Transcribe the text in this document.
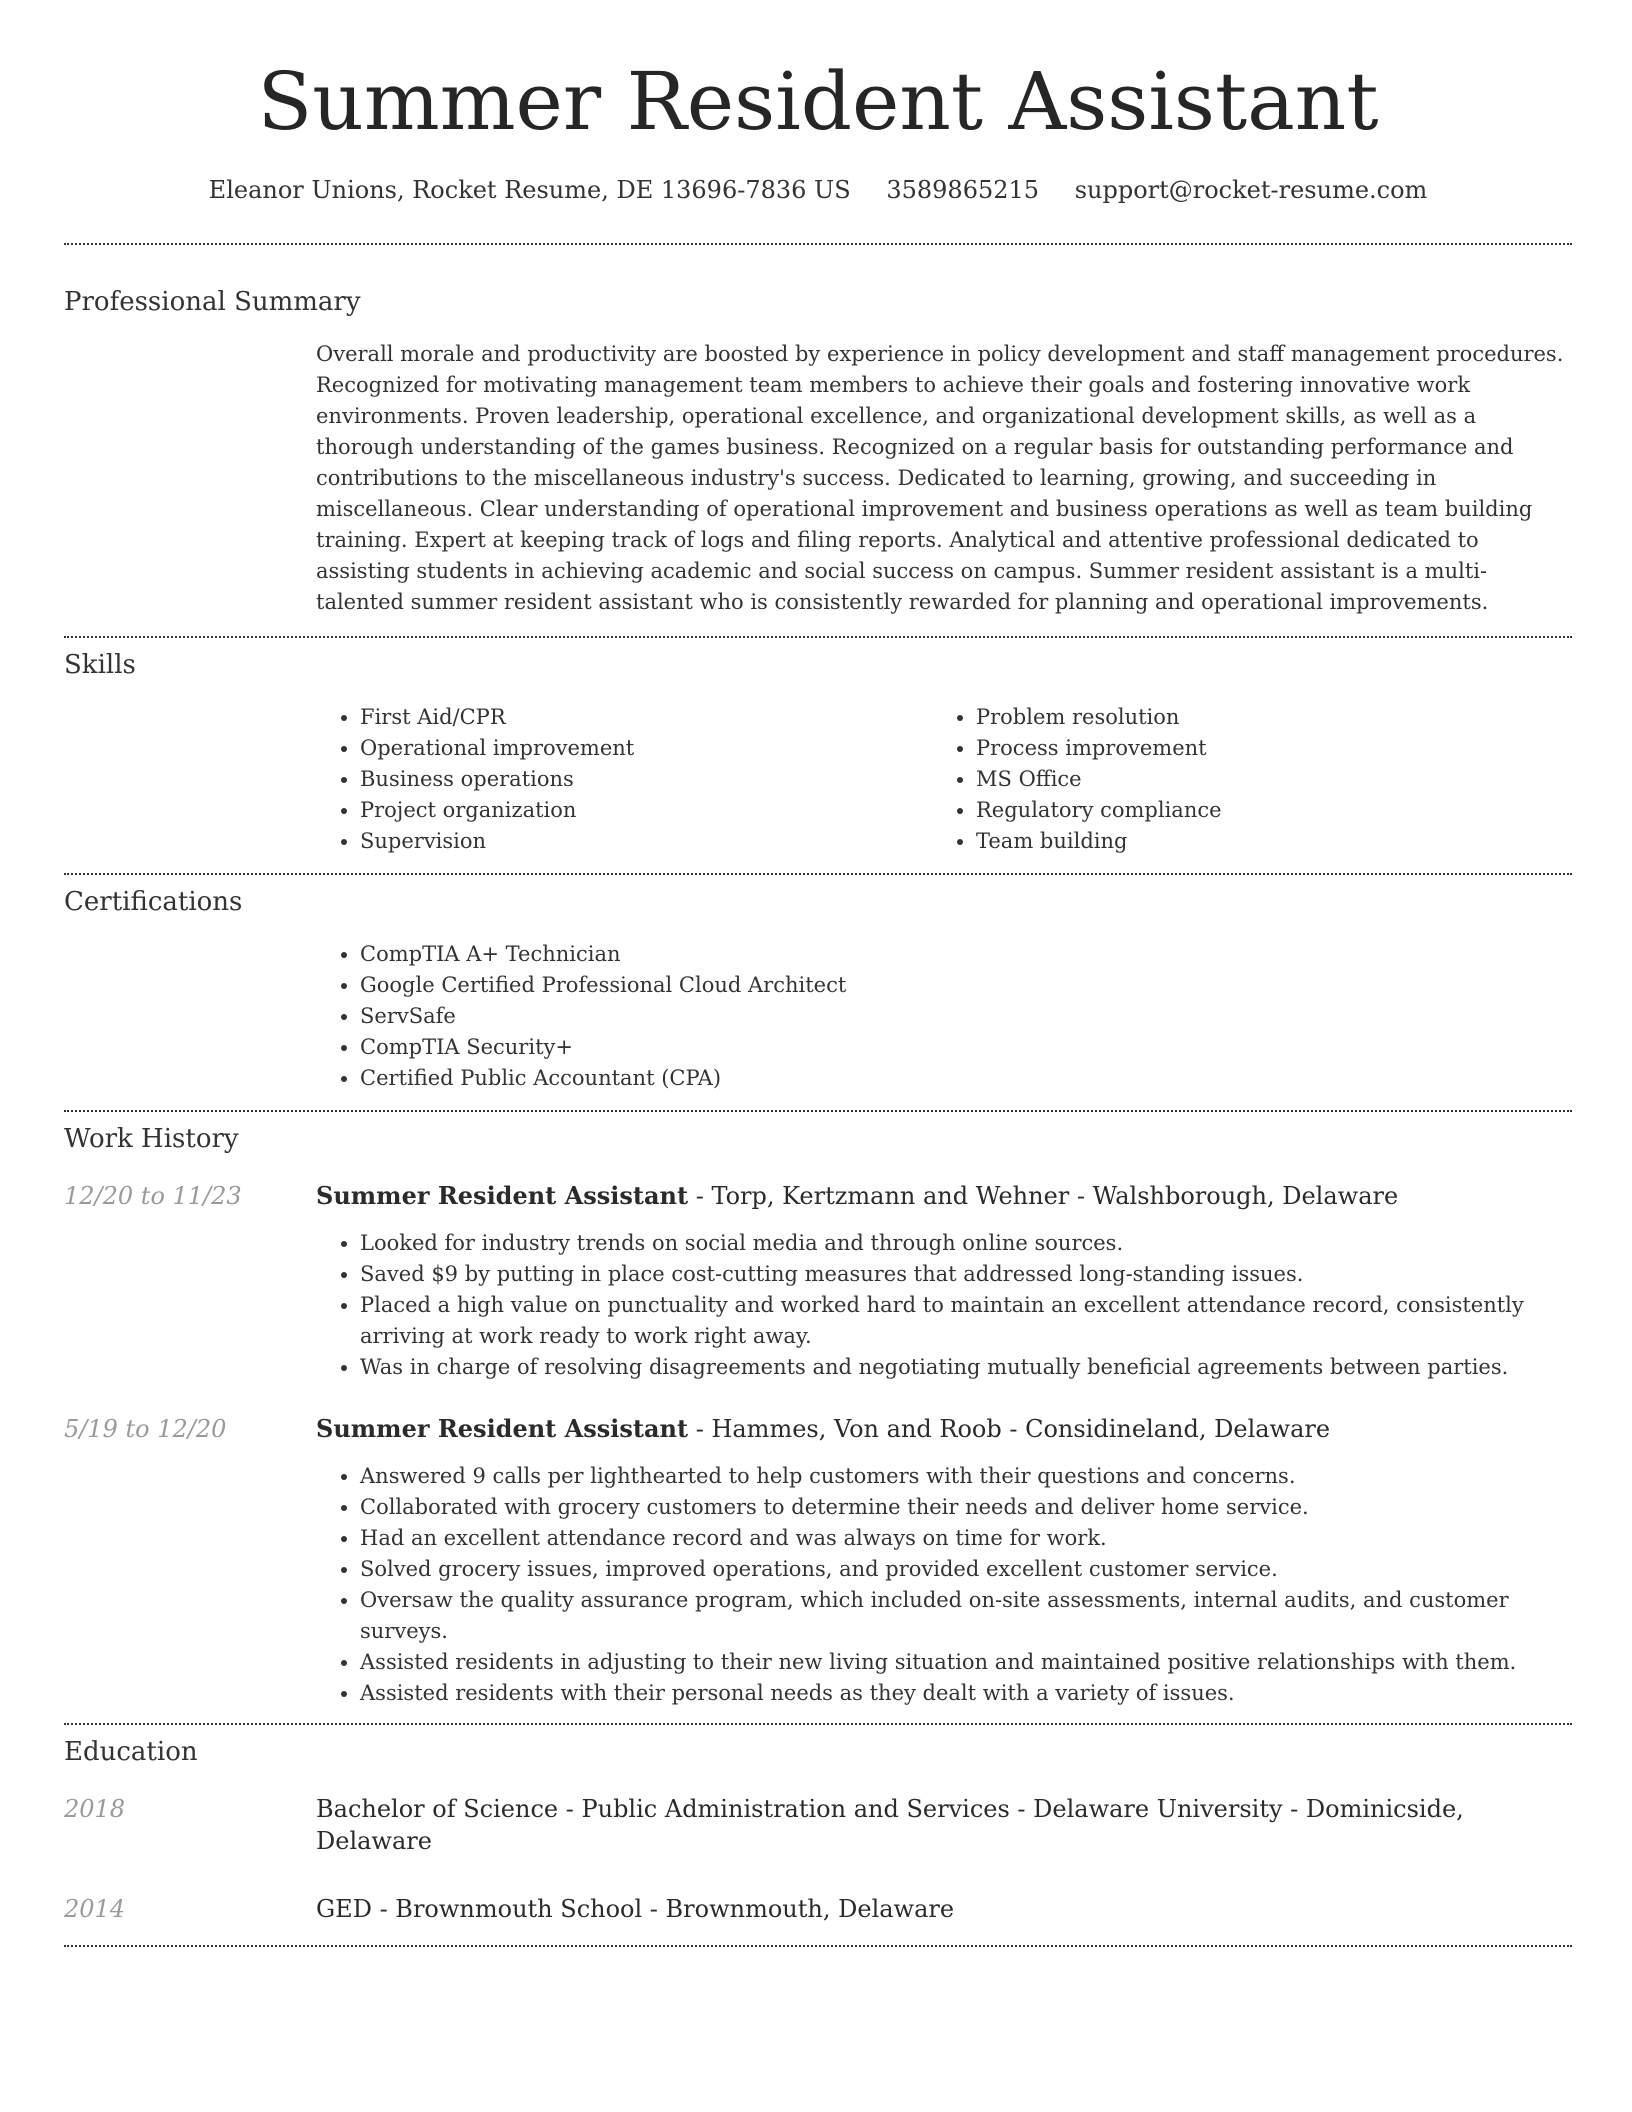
Summer Resident Assistant
Eleanor Unions, Rocket Resume, DE 13696-7836 US 3589865215 support@rocket-resume.com
Professional Summary
Overall morale and productivity are boosted by experience in policy development and staff management procedures. Recognized for motivating management team members to achieve their goals and fostering innovative work environments. Proven leadership, operational excellence, and organizational development skills, as well as a thorough understanding of the games business. Recognized on a regular basis for outstanding performance and contributions to the miscellaneous industry's success. Dedicated to learning, growing, and succeeding in miscellaneous. Clear understanding of operational improvement and business operations as well as team building training. Expert at keeping track of logs and filing reports. Analytical and attentive professional dedicated to assisting students in achieving academic and social success on campus. Summer resident assistant is a multi-talented summer resident assistant who is consistently rewarded for planning and operational improvements.
Skills
• First Aid/CPR
• Operational improvement
• Business operations
• Project organization
• Supervision
• Problem resolution
• Process improvement
• MS Office
• Regulatory compliance
• Team building
Certifications
• CompTIA A+ Technician
• Google Certified Professional Cloud Architect
• ServSafe
• CompTIA Security+
• Certified Public Accountant (CPA)
Work History
12/20 to 11/23	Summer Resident Assistant - Torp, Kertzmann and Wehner - Walshborough, Delaware
• Looked for industry trends on social media and through online sources.
• Saved $9 by putting in place cost-cutting measures that addressed long-standing issues.
• Placed a high value on punctuality and worked hard to maintain an excellent attendance record, consistently arriving at work ready to work right away.
• Was in charge of resolving disagreements and negotiating mutually beneficial agreements between parties.
5/19 to 12/20	Summer Resident Assistant - Hammes, Von and Roob - Considineland, Delaware
• Answered 9 calls per lighthearted to help customers with their questions and concerns.
• Collaborated with grocery customers to determine their needs and deliver home service.
• Had an excellent attendance record and was always on time for work.
• Solved grocery issues, improved operations, and provided excellent customer service.
• Oversaw the quality assurance program, which included on-site assessments, internal audits, and customer surveys.
• Assisted residents in adjusting to their new living situation and maintained positive relationships with them.
• Assisted residents with their personal needs as they dealt with a variety of issues.
Education
2018	Bachelor of Science - Public Administration and Services - Delaware University - Dominicside, Delaware
2014	GED - Brownmouth School - Brownmouth, Delaware
